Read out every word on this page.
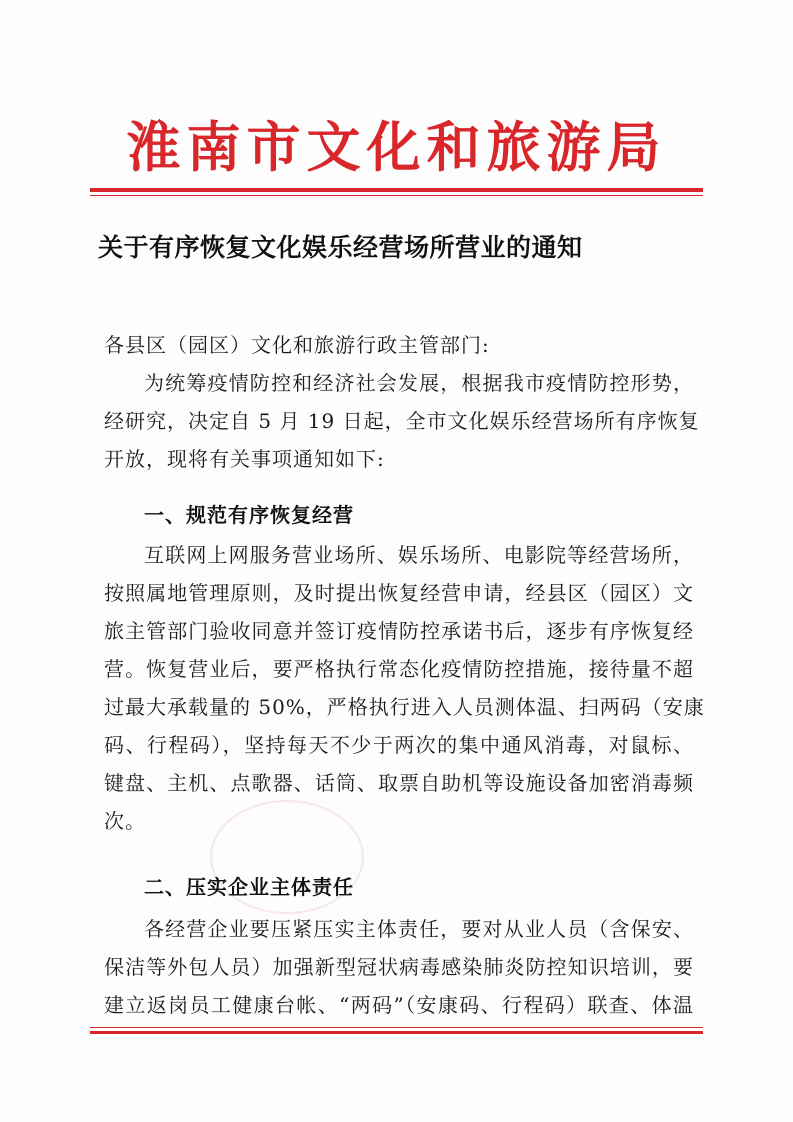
淮南市文化和旅游局
关于有序恢复文化娱乐经营场所营业的通知
各县区（园区）文化和旅游行政主管部门:
为统筹疫情防控和经济社会发展，根据我市疫情防控形势，
经研究，决定自 5 月 19 日起，全市文化娱乐经营场所有序恢复
开放，现将有关事项通知如下:
一、规范有序恢复经营
互联网上网服务营业场所、娱乐场所、电影院等经营场所，
按照属地管理原则，及时提出恢复经营申请，经县区（园区）文
旅主管部门验收同意并签订疫情防控承诺书后，逐步有序恢复经
营。恢复营业后，要严格执行常态化疫情防控措施，接待量不超
过最大承载量的 50%，严格执行进入人员测体温、扫两码（安康
码、行程码），坚持每天不少于两次的集中通风消毒，对鼠标、
键盘、主机、点歌器、话筒、取票自助机等设施设备加密消毒频
次。
二、压实企业主体责任
各经营企业要压紧压实主体责任，要对从业人员（含保安、
保洁等外包人员）加强新型冠状病毒感染肺炎防控知识培训，要
建立返岗员工健康台帐、“两码”（安康码、行程码）联查、体温
